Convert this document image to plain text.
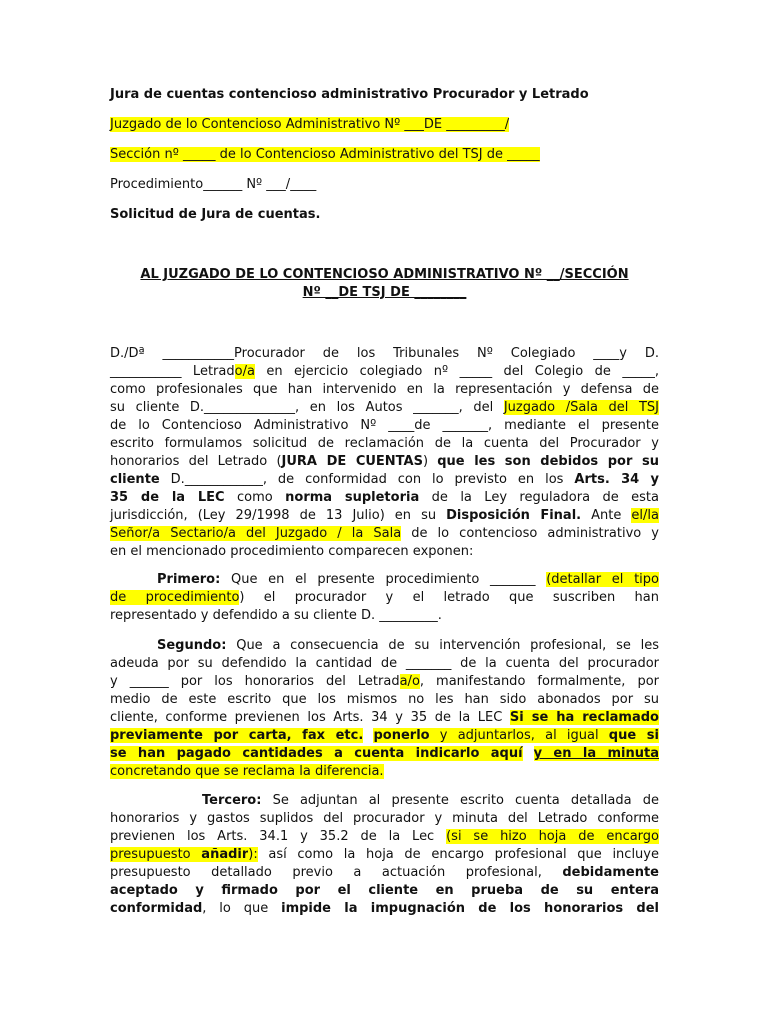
Jura de cuentas contencioso administrativo Procurador y Letrado
Juzgado de lo Contencioso Administrativo Nº ___DE _________/
Sección nº _____ de lo Contencioso Administrativo del TSJ de _____
Procedimiento______ Nº ___/____
Solicitud de Jura de cuentas.
AL JUZGADO DE LO CONTENCIOSO ADMINISTRATIVO Nº __/SECCIÓN
Nº __DE TSJ DE ________
D./Dª ___________Procurador de los Tribunales Nº Colegiado ____y D.
___________ Letrado/a en ejercicio colegiado nº _____ del Colegio de _____,
como profesionales que han intervenido en la representación y defensa de
su cliente D.______________, en los Autos _______, del Juzgado /Sala del TSJ
de lo Contencioso Administrativo Nº ____de _______, mediante el presente
escrito formulamos solicitud de reclamación de la cuenta del Procurador y
honorarios del Letrado (JURA DE CUENTAS) que les son debidos por su
cliente D.____________, de conformidad con lo previsto en los Arts. 34 y
35 de la LEC como norma supletoria de la Ley reguladora de esta
jurisdicción, (Ley 29/1998 de 13 Julio) en su Disposición Final. Ante el/la
Señor/a Sectario/a del Juzgado / la Sala de lo contencioso administrativo y
en el mencionado procedimiento comparecen exponen:
Primero: Que en el presente procedimiento _______ (detallar el tipo
de procedimiento) el procurador y el letrado que suscriben han
representado y defendido a su cliente D. _________.
Segundo: Que a consecuencia de su intervención profesional, se les
adeuda por su defendido la cantidad de _______ de la cuenta del procurador
y ______ por los honorarios del Letrada/o, manifestando formalmente, por
medio de este escrito que los mismos no les han sido abonados por su
cliente, conforme previenen los Arts. 34 y 35 de la LEC Si se ha reclamado
previamente por carta, fax etc. ponerlo y adjuntarlos, al igual que si
se han pagado cantidades a cuenta indicarlo aquí y en la minuta
concretando que se reclama la diferencia.
Tercero: Se adjuntan al presente escrito cuenta detallada de
honorarios y gastos suplidos del procurador y minuta del Letrado conforme
previenen los Arts. 34.1 y 35.2 de la Lec (si se hizo hoja de encargo
presupuesto añadir): así como la hoja de encargo profesional que incluye
presupuesto detallado previo a actuación profesional, debidamente
aceptado y firmado por el cliente en prueba de su entera
conformidad, lo que impide la impugnación de los honorarios del
